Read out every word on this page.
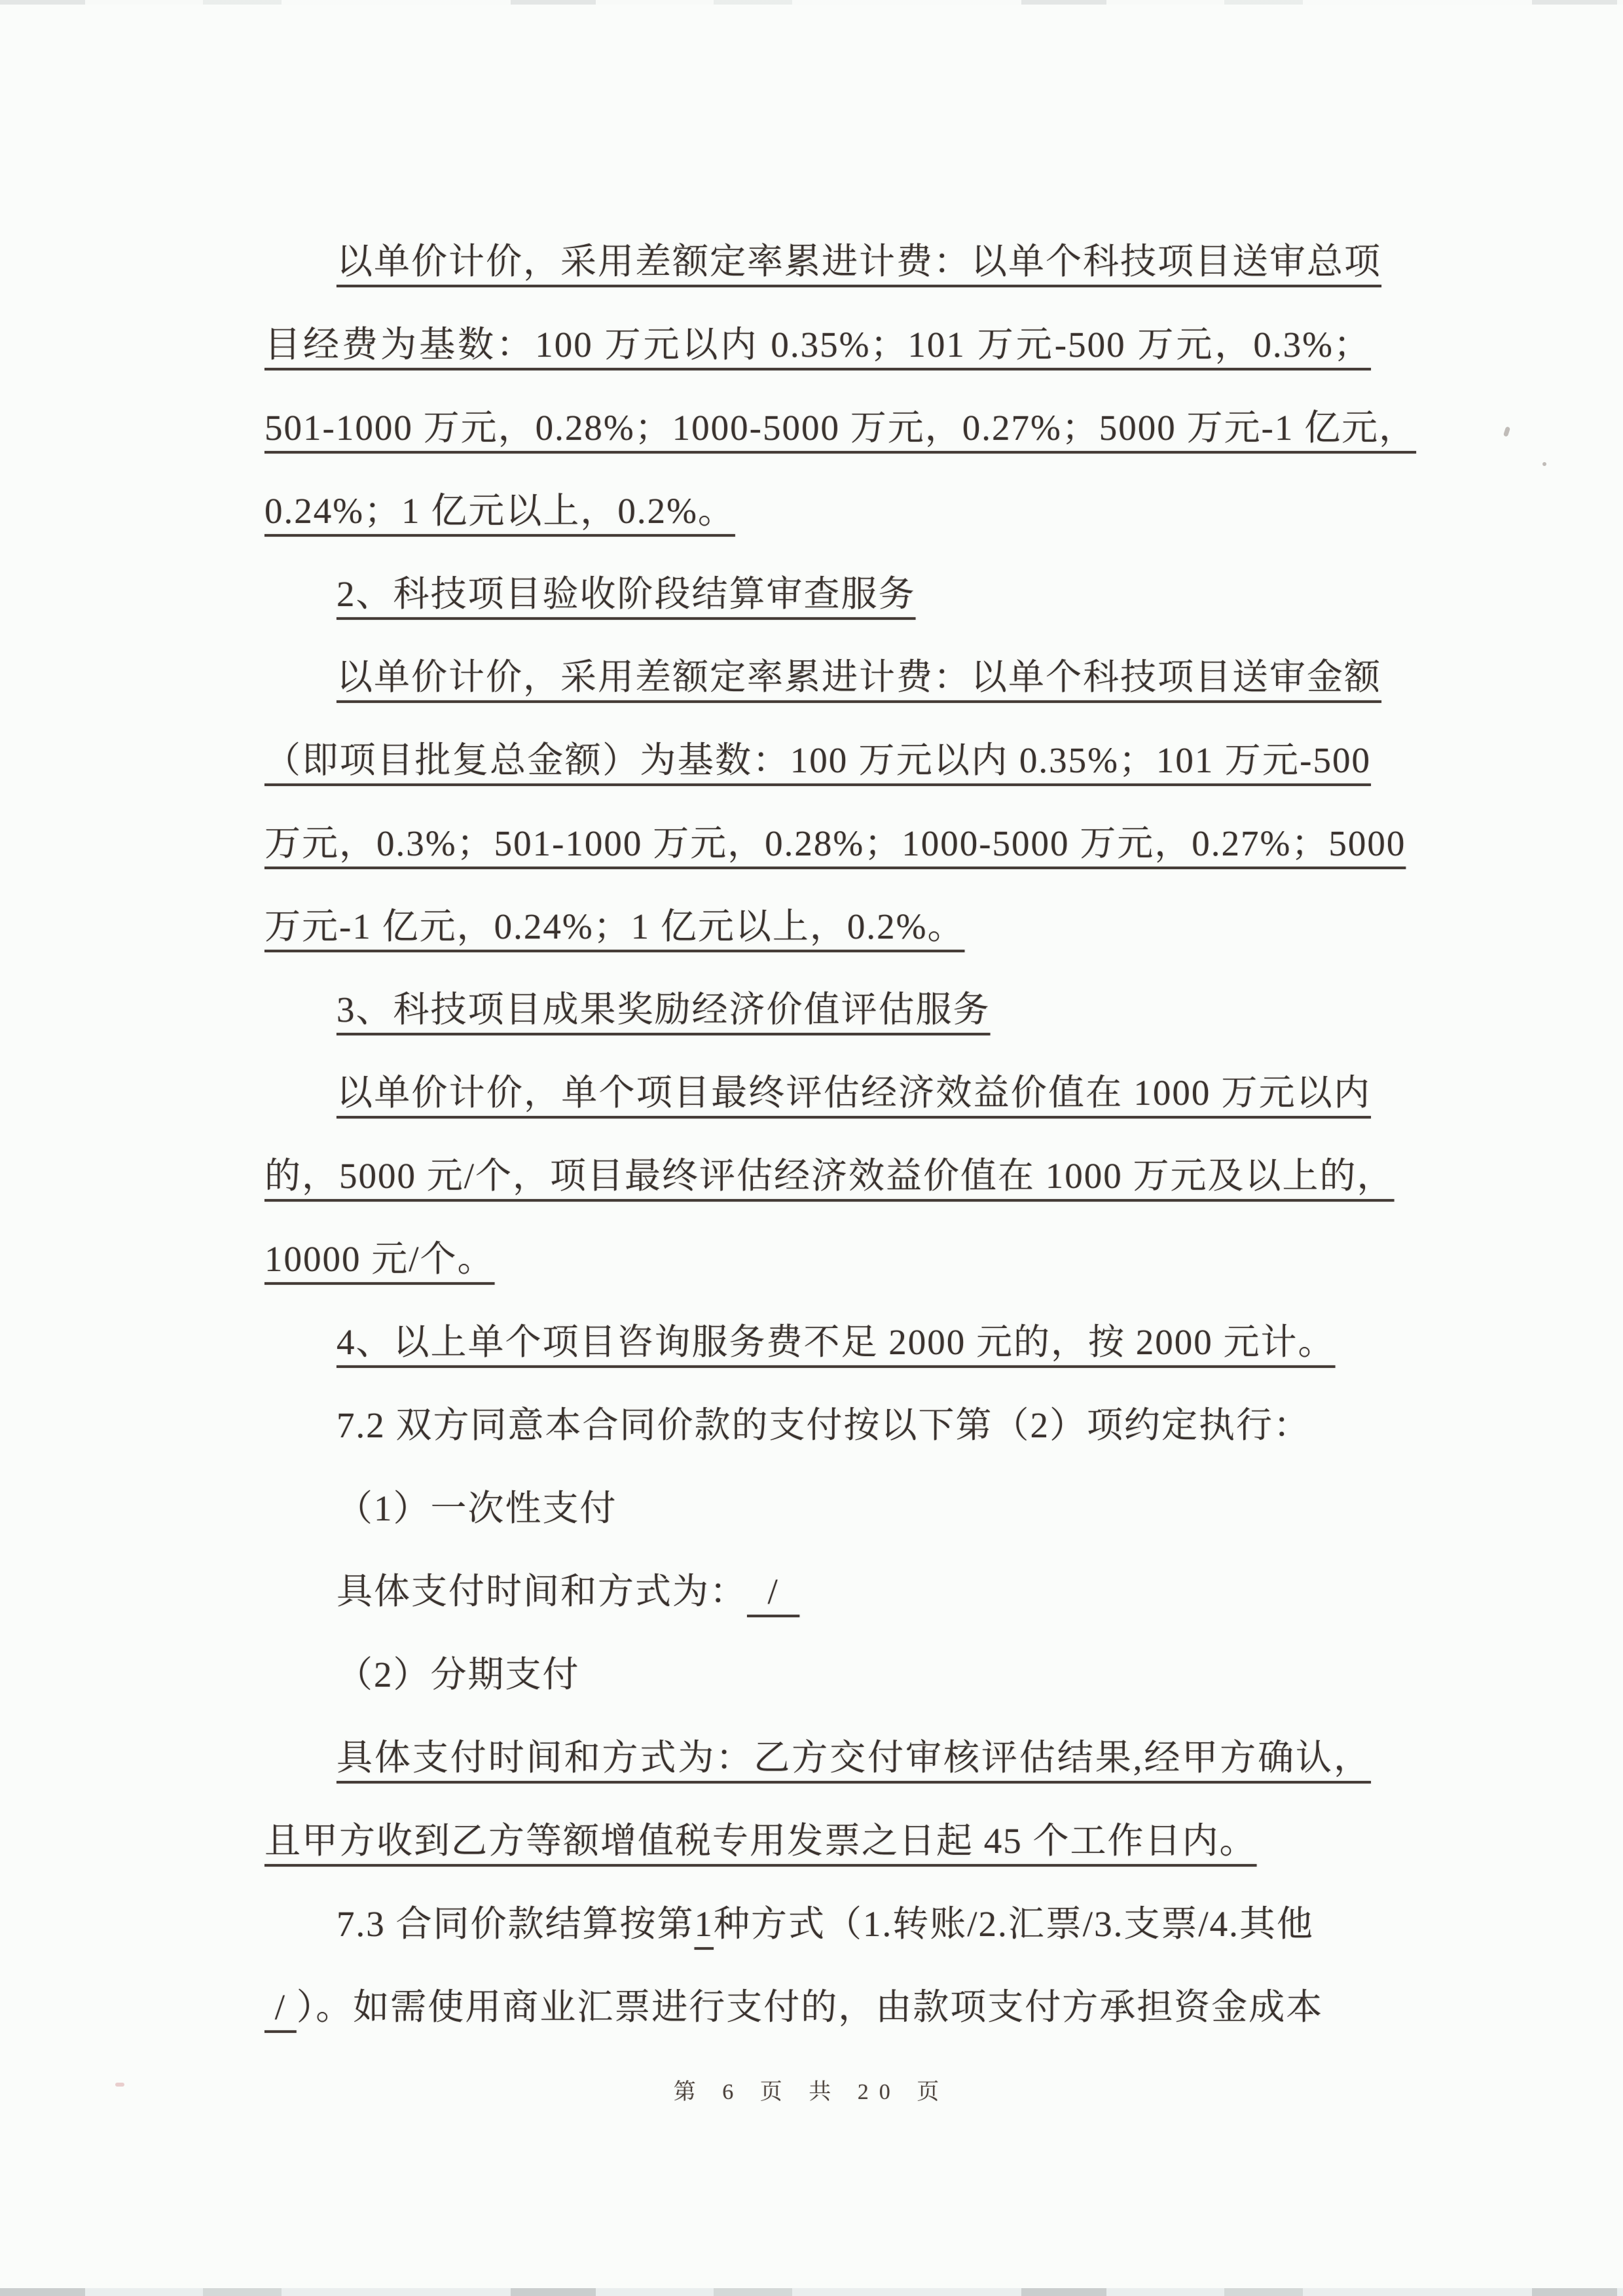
以单价计价，采用差额定率累进计费：以单个科技项目送审总项
目经费为基数：100 万元以内 0.35%；101 万元-500 万元，0.3%；
501-1000 万元，0.28%；1000-5000 万元，0.27%；5000 万元-1 亿元，
0.24%；1 亿元以上，0.2%。
2、科技项目验收阶段结算审查服务
以单价计价，采用差额定率累进计费：以单个科技项目送审金额
（即项目批复总金额）为基数：100 万元以内 0.35%；101 万元-500
万元，0.3%；501-1000 万元，0.28%；1000-5000 万元，0.27%；5000
万元-1 亿元，0.24%；1 亿元以上，0.2%。
3、科技项目成果奖励经济价值评估服务
以单价计价，单个项目最终评估经济效益价值在 1000 万元以内
的，5000 元/个，项目最终评估经济效益价值在 1000 万元及以上的，
10000 元/个。
4、以上单个项目咨询服务费不足 2000 元的，按 2000 元计。
7.2 双方同意本合同价款的支付按以下第（2）项约定执行：
（1）一次性支付
具体支付时间和方式为：  /
（2）分期支付
具体支付时间和方式为：乙方交付审核评估结果,经甲方确认，
且甲方收到乙方等额增值税专用发票之日起 45 个工作日内。
7.3 合同价款结算按第1种方式（1.转账/2.汇票/3.支票/4.其他
/ ）。如需使用商业汇票进行支付的，由款项支付方承担资金成本
第 6 页 共 20 页
